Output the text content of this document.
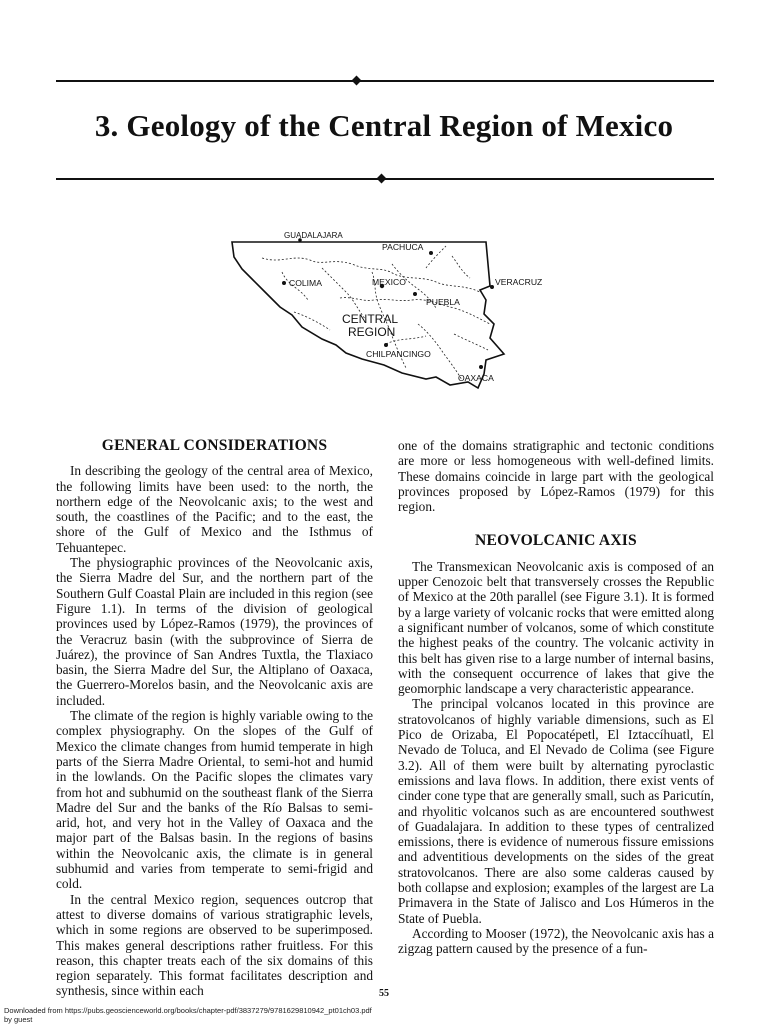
3. Geology of the Central Region of Mexico
GUADALAJARA
PACHUCA
COLIMA	MEXICO	VERACRUZ
PUEBLA
CENTRAL
REGION
CHILPANCINGO
OAXACA
GENERAL CONSIDERATIONS

In describing the geology of the central area of Mexico, the following limits have been used: to the north, the northern edge of the Neovolcanic axis; to the west and south, the coastlines of the Pacific; and to the east, the shore of the Gulf of Mexico and the Isthmus of Tehuantepec.

The physiographic provinces of the Neovolcanic axis, the Sierra Madre del Sur, and the northern part of the Southern Gulf Coastal Plain are included in this region (see Figure 1.1). In terms of the division of geological provinces used by López-Ramos (1979), the provinces of the Veracruz basin (with the subprovince of Sierra de Juárez), the province of San Andres Tuxtla, the Tlaxiaco basin, the Sierra Madre del Sur, the Altiplano of Oaxaca, the Guerrero-Morelos basin, and the Neovolcanic axis are included.

The climate of the region is highly variable owing to the complex physiography. On the slopes of the Gulf of Mexico the climate changes from humid temperate in high parts of the Sierra Madre Oriental, to semi-hot and humid in the lowlands. On the Pacific slopes the climates vary from hot and subhumid on the southeast flank of the Sierra Madre del Sur and the banks of the Río Balsas to semi-arid, hot, and very hot in the Valley of Oaxaca and the major part of the Balsas basin. In the regions of basins within the Neovolcanic axis, the climate is in general subhumid and varies from temperate to semi-frigid and cold.

In the central Mexico region, sequences outcrop that attest to diverse domains of various stratigraphic levels, which in some regions are observed to be superimposed. This makes general descriptions rather fruitless. For this reason, this chapter treats each of the six domains of this region separately. This format facilitates description and synthesis, since within each

one of the domains stratigraphic and tectonic conditions are more or less homogeneous with well-defined limits. These domains coincide in large part with the geological provinces proposed by López-Ramos (1979) for this region.

NEOVOLCANIC AXIS

The Transmexican Neovolcanic axis is composed of an upper Cenozoic belt that transversely crosses the Republic of Mexico at the 20th parallel (see Figure 3.1). It is formed by a large variety of volcanic rocks that were emitted along a significant number of volcanos, some of which constitute the highest peaks of the country. The volcanic activity in this belt has given rise to a large number of internal basins, with the consequent occurrence of lakes that give the geomorphic landscape a very characteristic appearance.

The principal volcanos located in this province are stratovolcanos of highly variable dimensions, such as El Pico de Orizaba, El Popocatépetl, El Iztaccíhuatl, El Nevado de Toluca, and El Nevado de Colima (see Figure 3.2). All of them were built by alternating pyroclastic emissions and lava flows. In addition, there exist vents of cinder cone type that are generally small, such as Paricutín, and rhyolitic volcanos such as are encountered southwest of Guadalajara. In addition to these types of centralized emissions, there is evidence of numerous fissure emissions and adventitious developments on the sides of the great stratovolcanos. There are also some calderas caused by both collapse and explosion; examples of the largest are La Primavera in the State of Jalisco and Los Húmeros in the State of Puebla.

According to Mooser (1972), the Neovolcanic axis has a zigzag pattern caused by the presence of a fun-

55
Downloaded from https://pubs.geoscienceworld.org/books/chapter-pdf/3837279/9781629810942_pt01ch03.pdf
by guest
